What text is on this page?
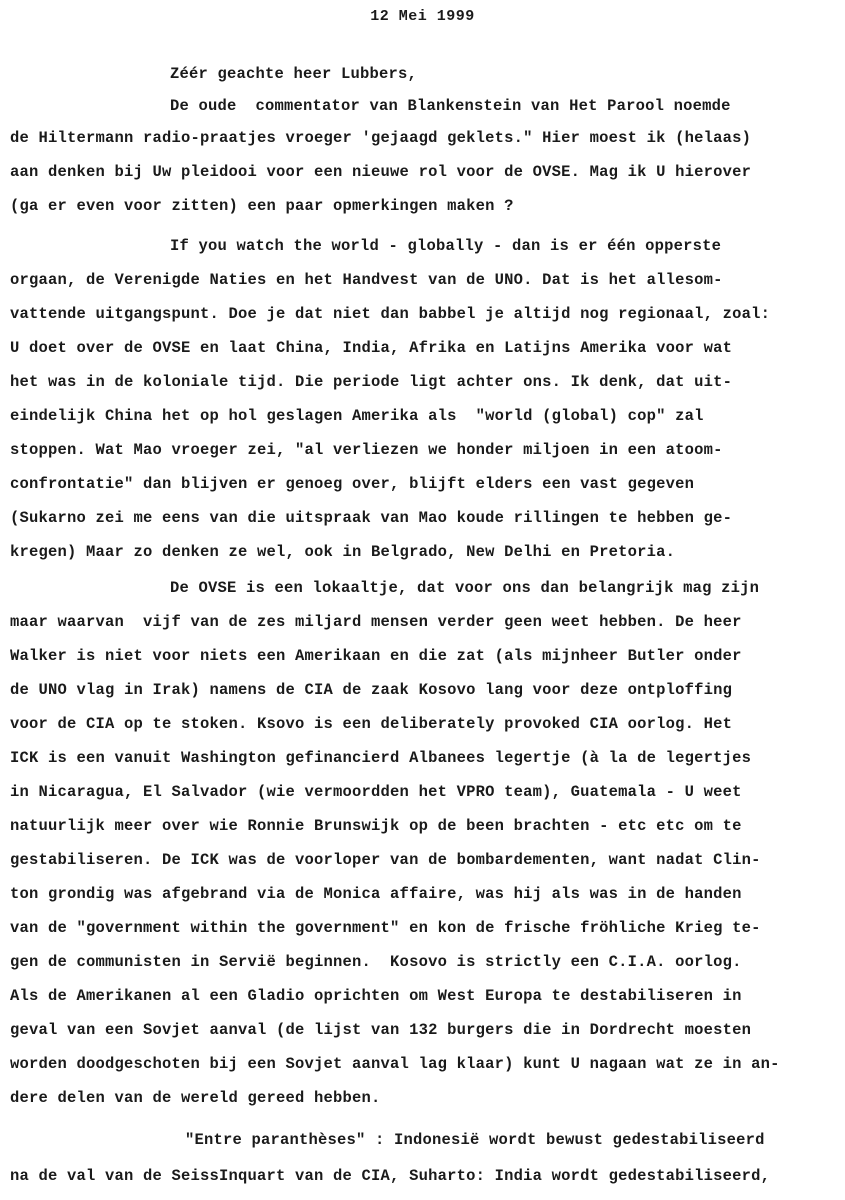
12 Mei 1999
Zéér geachte heer Lubbers,
De oude  commentator van Blankenstein van Het Parool noemde
de Hiltermann radio-praatjes vroeger 'gejaagd geklets." Hier moest ik (helaas)
aan denken bij Uw pleidooi voor een nieuwe rol voor de OVSE. Mag ik U hierover
(ga er even voor zitten) een paar opmerkingen maken ?
If you watch the world - globally - dan is er één opperste
orgaan, de Verenigde Naties en het Handvest van de UNO. Dat is het allesom-
vattende uitgangspunt. Doe je dat niet dan babbel je altijd nog regionaal, zoal:
U doet over de OVSE en laat China, India, Afrika en Latijns Amerika voor wat
het was in de koloniale tijd. Die periode ligt achter ons. Ik denk, dat uit-
eindelijk China het op hol geslagen Amerika als  "world (global) cop" zal
stoppen. Wat Mao vroeger zei, "al verliezen we honder miljoen in een atoom-
confrontatie" dan blijven er genoeg over, blijft elders een vast gegeven
(Sukarno zei me eens van die uitspraak van Mao koude rillingen te hebben ge-
kregen) Maar zo denken ze wel, ook in Belgrado, New Delhi en Pretoria.
De OVSE is een lokaaltje, dat voor ons dan belangrijk mag zijn
maar waarvan  vijf van de zes miljard mensen verder geen weet hebben. De heer
Walker is niet voor niets een Amerikaan en die zat (als mijnheer Butler onder
de UNO vlag in Irak) namens de CIA de zaak Kosovo lang voor deze ontploffing
voor de CIA op te stoken. Ksovo is een deliberately provoked CIA oorlog. Het
ICK is een vanuit Washington gefinancierd Albanees legertje (à la de legertjes
in Nicaragua, El Salvador (wie vermoordden het VPRO team), Guatemala - U weet
natuurlijk meer over wie Ronnie Brunswijk op de been brachten - etc etc om te
gestabiliseren. De ICK was de voorloper van de bombardementen, want nadat Clin-
ton grondig was afgebrand via de Monica affaire, was hij als was in de handen
van de "government within the government" en kon de frische fröhliche Krieg te-
gen de communisten in Servië beginnen.  Kosovo is strictly een C.I.A. oorlog.
Als de Amerikanen al een Gladio oprichten om West Europa te destabiliseren in
geval van een Sovjet aanval (de lijst van 132 burgers die in Dordrecht moesten
worden doodgeschoten bij een Sovjet aanval lag klaar) kunt U nagaan wat ze in an-
dere delen van de wereld gereed hebben.
"Entre paranthèses" : Indonesië wordt bewust gedestabiliseerd
na de val van de SeissInquart van de CIA, Suharto: India wordt gedestabiliseerd,
